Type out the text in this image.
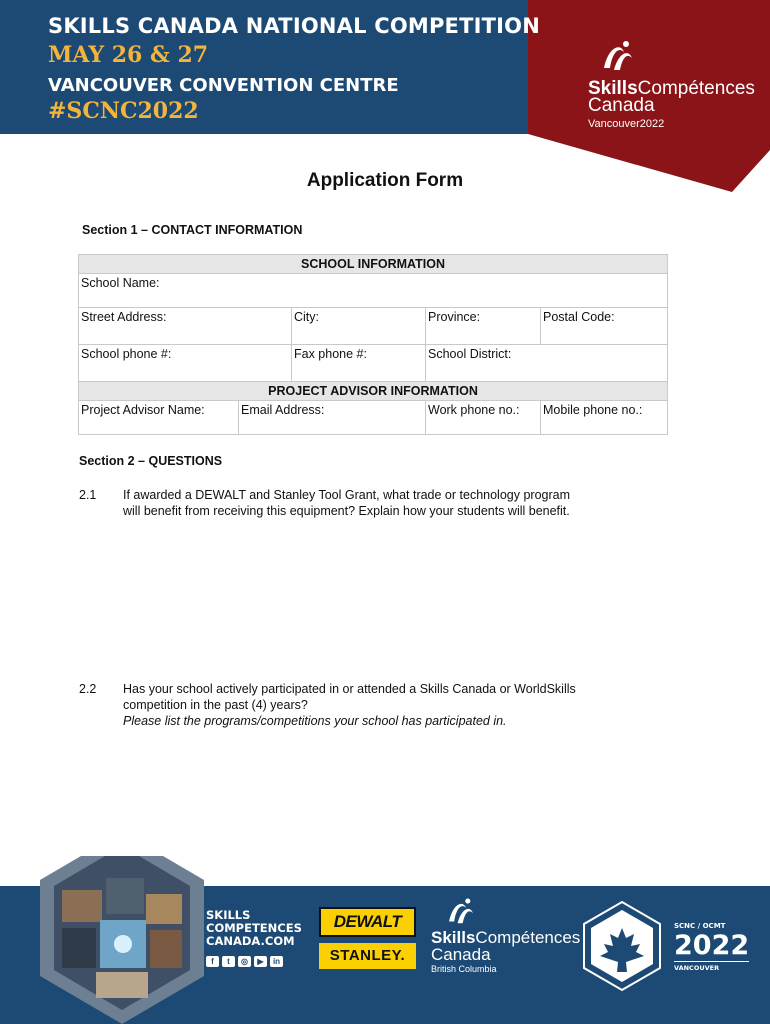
SKILLS CANADA NATIONAL COMPETITION
MAY 26 & 27
VANCOUVER CONVENTION CENTRE
#SCNC2022
SkillsCompétences
Canada
Vancouver2022
Application Form
Section 1 – CONTACT INFORMATION
SCHOOL INFORMATION				
School Name:				
Street Address:		City:	Province:	Postal Code:
School phone #:		Fax phone #:	School District:	
PROJECT ADVISOR INFORMATION				
Project Advisor Name:	Email Address:		Work phone no.:	Mobile phone no.:
Section 2 – QUESTIONS
2.1 If awarded a DEWALT and Stanley Tool Grant, what trade or technology program
will benefit from receiving this equipment? Explain how your students will benefit.
2.2 Has your school actively participated in or attended a Skills Canada or WorldSkills
competition in the past (4) years?
Please list the programs/competitions your school has participated in.
SKILLS
COMPETENCES
CANADA.COM
f	t	◎	▶	in
DEWALT
STANLEY.
SkillsCompétences
Canada
British Columbia
SCNC / OCMT
2022
VANCOUVER
